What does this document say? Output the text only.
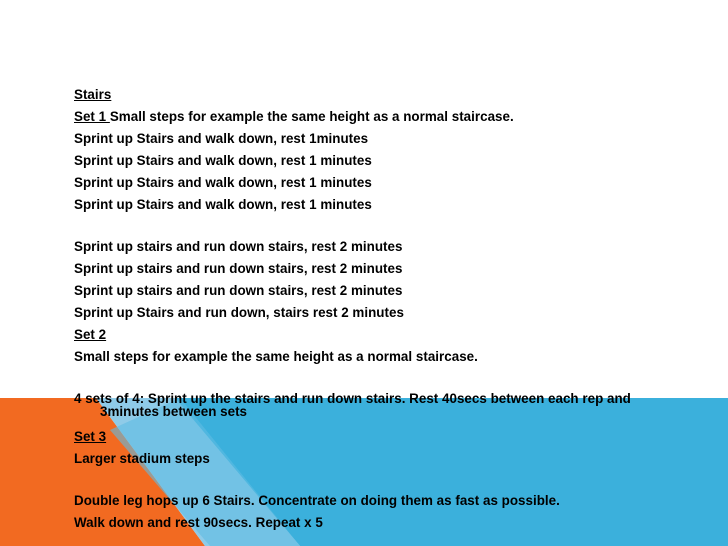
Stairs
Set 1 Small steps for example the same height as a normal staircase.
Sprint up Stairs and walk down, rest 1minutes
Sprint up Stairs and walk down, rest 1 minutes
Sprint up Stairs and walk down, rest 1 minutes
Sprint up Stairs and walk down, rest 1 minutes
Sprint up stairs and run down stairs, rest 2 minutes
Sprint up stairs and run down stairs, rest 2 minutes
Sprint up stairs and run down stairs, rest 2 minutes
Sprint up Stairs and run down, stairs rest 2 minutes
Set 2
Small steps for example the same height as a normal staircase.
4 sets of 4: Sprint up the stairs and run down stairs. Rest 40secs between each rep and 3minutes between sets
Set 3
Larger stadium steps
Double leg hops up 6 Stairs. Concentrate on doing them as fast as possible.
Walk down and rest 90secs. Repeat x 5
